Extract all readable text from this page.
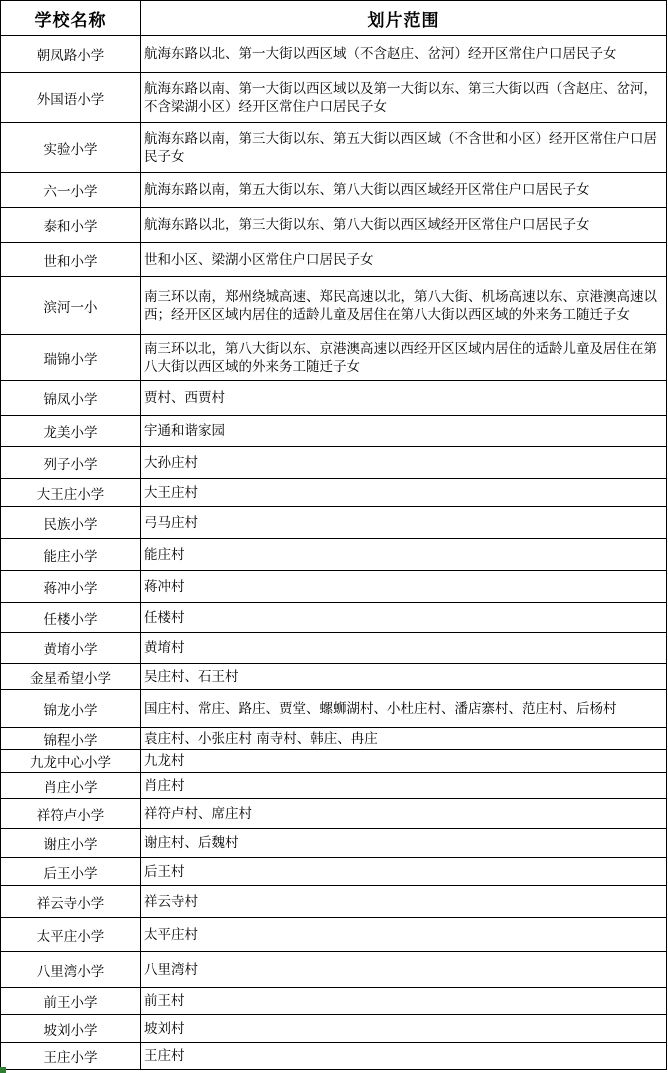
学校名称	划片范围
朝凤路小学	航海东路以北、第一大街以西区域（不含赵庄、岔河）经开区常住户口居民子女
外国语小学	航海东路以南、第一大街以西区域以及第一大街以东、第三大街以西（含赵庄、岔河，不含梁湖小区）经开区常住户口居民子女
实验小学	航海东路以南，第三大街以东、第五大街以西区域（不含世和小区）经开区常住户口居民子女
六一小学	航海东路以南，第五大街以东、第八大街以西区域经开区常住户口居民子女
泰和小学	航海东路以北，第三大街以东、第八大街以西区域经开区常住户口居民子女
世和小学	世和小区、梁湖小区常住户口居民子女
滨河一小	南三环以南，郑州绕城高速、郑民高速以北，第八大街、机场高速以东、京港澳高速以西；经开区区域内居住的适龄儿童及居住在第八大街以西区域的外来务工随迁子女
瑞锦小学	南三环以北，第八大街以东、京港澳高速以西经开区区域内居住的适龄儿童及居住在第八大街以西区域的外来务工随迁子女
锦凤小学	贾村、西贾村
龙美小学	宇通和谐家园
列子小学	大孙庄村
大王庄小学	大王庄村
民族小学	弓马庄村
能庄小学	能庄村
蒋冲小学	蒋冲村
任楼小学	任楼村
黄堉小学	黄堉村
金星希望小学	吴庄村、石王村
锦龙小学	国庄村、常庄、路庄、贾堂、螺蛳湖村、小杜庄村、潘店寨村、范庄村、后杨村
锦程小学	袁庄村、小张庄村 南寺村、韩庄、冉庄
九龙中心小学	九龙村
肖庄小学	肖庄村
祥符卢小学	祥符卢村、席庄村
谢庄小学	谢庄村、后魏村
后王小学	后王村
祥云寺小学	祥云寺村
太平庄小学	太平庄村
八里湾小学	八里湾村
前王小学	前王村
坡刘小学	坡刘村
王庄小学	王庄村
